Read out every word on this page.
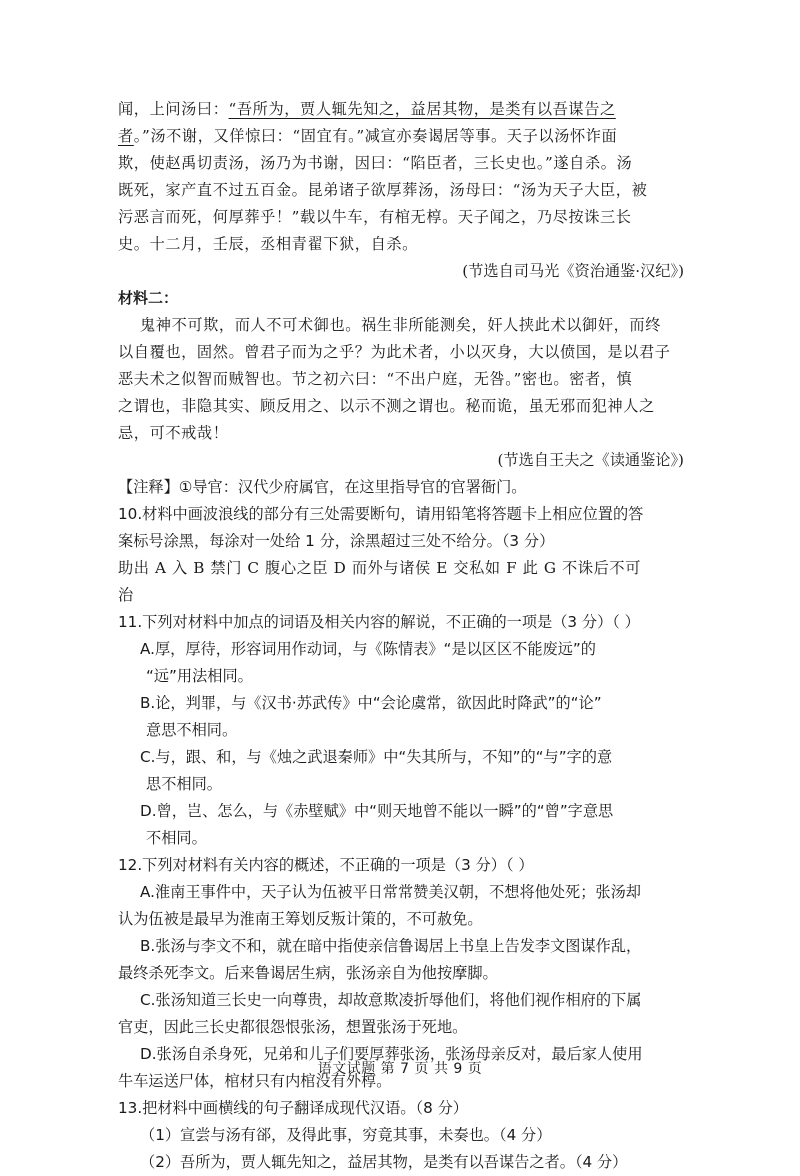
闻，上问汤曰：“吾所为，贾人辄先知之，益居其物，是类有以吾谋告之
者。”汤不谢，又佯惊曰：“固宜有。”减宣亦奏谒居等事。天子以汤怀诈面
欺，使赵禹切责汤，汤乃为书谢，因曰：“陷臣者，三长史也。”遂自杀。汤
既死，家产直不过五百金。昆弟诸子欲厚葬汤，汤母曰：“汤为天子大臣，被
污恶言而死，何厚葬乎！”载以牛车，有棺无椁。天子闻之，乃尽按诛三长
史。十二月，壬辰，丞相青翟下狱，自杀。
(节选自司马光《资治通鉴·汉纪》)
材料二：
鬼神不可欺，而人不可术御也。祸生非所能测矣，奸人挟此术以御奸，而终
以自覆也，固然。曾君子而为之乎？为此术者，小以灭身，大以偾国，是以君子
恶夫术之似智而贼智也。节之初六曰：“不出户庭，无咎。”密也。密者，慎
之谓也，非隐其实、顾反用之、以示不测之谓也。秘而诡，虽无邪而犯神人之
忌，可不戒哉！
(节选自王夫之《读通鉴论》)
【注释】①导官：汉代少府属官，在这里指导官的官署衙门。
10.材料中画波浪线的部分有三处需要断句，请用铅笔将答题卡上相应位置的答
案标号涂黑，每涂对一处给 1 分，涂黑超过三处不给分。（3 分）
助出 A 入 B 禁门 C 腹心之臣 D 而外与诸侯 E 交私如 F 此 G 不诛后不可
治
11.下列对材料中加点的词语及相关内容的解说，不正确的一项是（3 分）（ ）
A.厚，厚待，形容词用作动词，与《陈情表》“是以区区不能废远”的
“远”用法相同。
B.论，判罪，与《汉书·苏武传》中“会论虞常，欲因此时降武”的“论”
意思不相同。
C.与，跟、和，与《烛之武退秦师》中“失其所与，不知”的“与”字的意
思不相同。
D.曾，岂、怎么，与《赤壁赋》中“则天地曾不能以一瞬”的“曾”字意思
不相同。
12.下列对材料有关内容的概述，不正确的一项是（3 分）（ ）
A.淮南王事件中，天子认为伍被平日常常赞美汉朝，不想将他处死；张汤却
认为伍被是最早为淮南王筹划反叛计策的，不可赦免。
B.张汤与李文不和，就在暗中指使亲信鲁谒居上书皇上告发李文图谋作乱，
最终杀死李文。后来鲁谒居生病，张汤亲自为他按摩脚。
C.张汤知道三长史一向尊贵，却故意欺凌折辱他们，将他们视作相府的下属
官吏，因此三长史都很怨恨张汤，想置张汤于死地。
D.张汤自杀身死，兄弟和儿子们要厚葬张汤，张汤母亲反对，最后家人使用
牛车运送尸体，棺材只有内棺没有外椁。
13.把材料中画横线的句子翻译成现代汉语。（8 分）
（1）宣尝与汤有郤，及得此事，穷竟其事，未奏也。（4 分）
（2）吾所为，贾人辄先知之，益居其物，是类有以吾谋告之者。（4 分）
语文试题 第 7 页 共 9 页
